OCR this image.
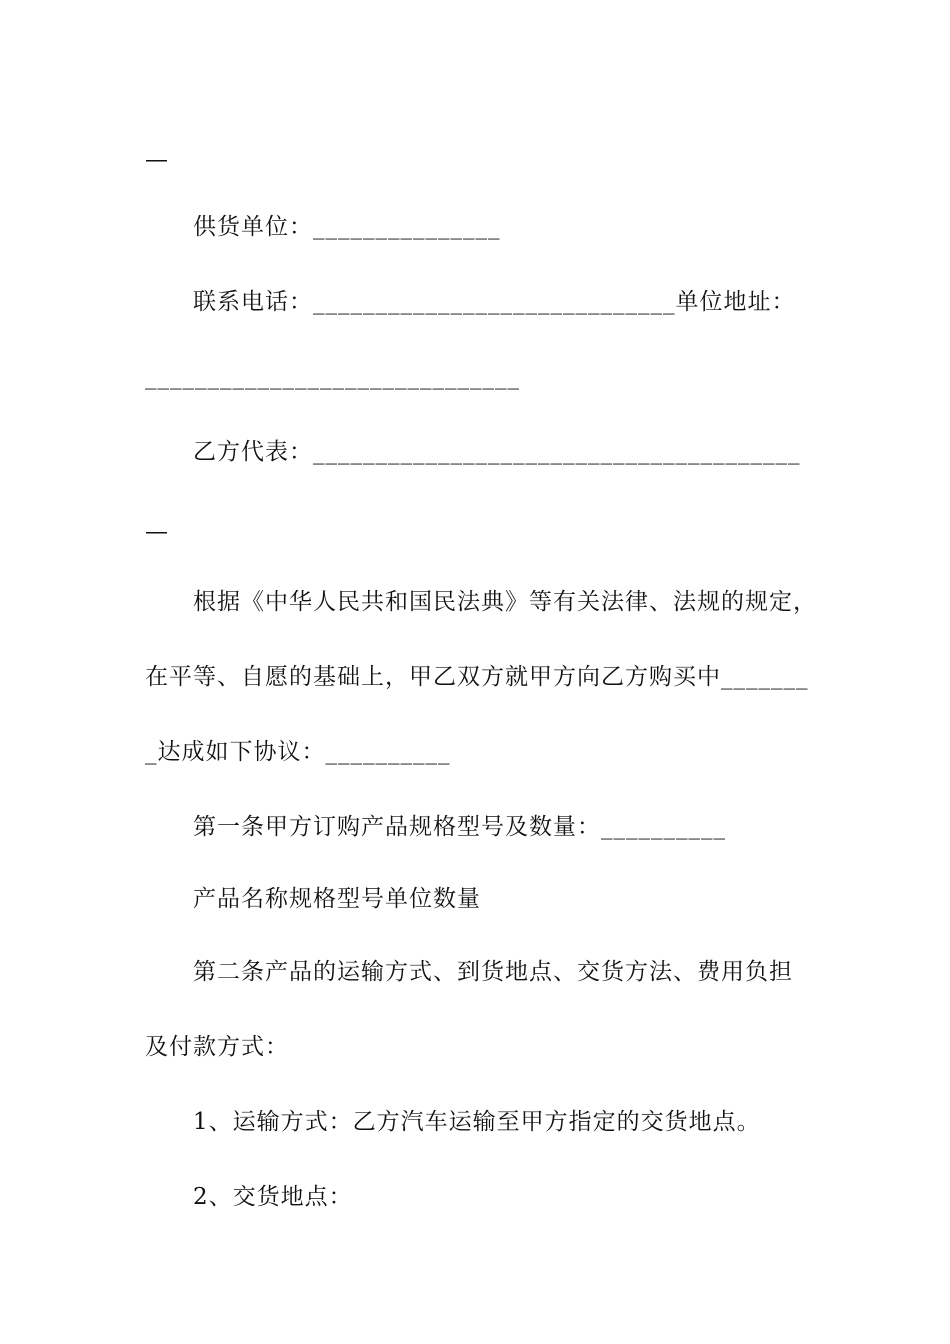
—
供货单位：_______________
联系电话：_____________________________单位地址：
______________________________
乙方代表：_______________________________________
—
根据《中华人民共和国民法典》等有关法律、法规的规定，
在平等、自愿的基础上，甲乙双方就甲方向乙方购买中_______
_达成如下协议：__________
第一条甲方订购产品规格型号及数量：__________
产品名称规格型号单位数量
第二条产品的运输方式、到货地点、交货方法、费用负担
及付款方式：
1、运输方式：乙方汽车运输至甲方指定的交货地点。
2、交货地点：
